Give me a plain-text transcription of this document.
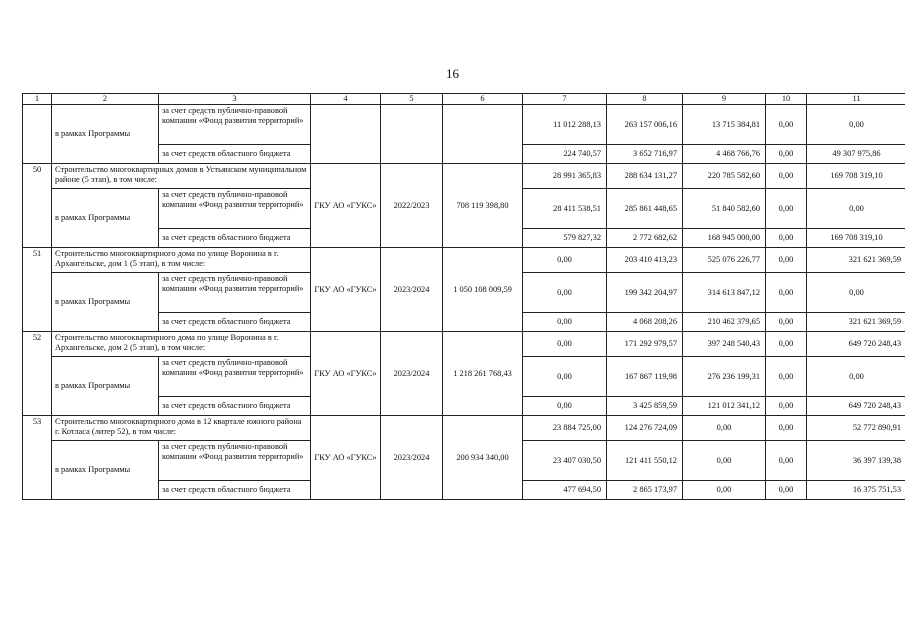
16
1	2	3	4	5	6	7	8	9	10	11
	в рамках Программы	за счет средств публично-правовой компании «Фонд развития территорий»				11 012 288,13	263 157 006,16	13 715 384,81	0,00	0,00
		за счет средств областного бюджета				224 740,57	3 652 716,97	4 468 766,76	0,00	49 307 975,86
50	Строительство многоквартирных домов в Устьянском муниципальном районе (5 этап), в том числе:		ГКУ АО «ГУКС»	2022/2023	708 119 398,80	28 991 365,83	288 634 131,27	220 785 582,60	0,00	169 708 319,10
	в рамках Программы	за счет средств публично-правовой компании «Фонд развития территорий»				28 411 538,51	285 861 448,65	51 840 582,60	0,00	0,00
		за счет средств областного бюджета				579 827,32	2 772 682,62	168 945 000,00	0,00	169 708 319,10
51	Строительство многоквартирного дома по улице Воронина в г. Архангельске, дом 1 (5 этап), в том числе:		ГКУ АО «ГУКС»	2023/2024	1 050 108 009,59	0,00	203 410 413,23	525 076 226,77	0,00	321 621 369,59
	в рамках Программы	за счет средств публично-правовой компании «Фонд развития территорий»				0,00	199 342 204,97	314 613 847,12	0,00	0,00
		за счет средств областного бюджета				0,00	4 068 208,26	210 462 379,65	0,00	321 621 369,59
52	Строительство многоквартирного дома по улице Воронина в г. Архангельске, дом 2 (5 этап), в том числе:		ГКУ АО «ГУКС»	2023/2024	1 218 261 768,43	0,00	171 292 979,57	397 248 540,43	0,00	649 720 248,43
	в рамках Программы	за счет средств публично-правовой компании «Фонд развития территорий»				0,00	167 867 119,98	276 236 199,31	0,00	0,00
		за счет средств областного бюджета				0,00	3 425 859,59	121 012 341,12	0,00	649 720 248,43
53	Строительство многоквартирного дома в 12 квартале южного района г. Котласа (литер 52), в том числе:		ГКУ АО «ГУКС»	2023/2024	200 934 340,00	23 884 725,00	124 276 724,09	0,00	0,00	52 772 890,91
	в рамках Программы	за счет средств публично-правовой компании «Фонд развития территорий»				23 407 030,50	121 411 550,12	0,00	0,00	36 397 139,38
		за счет средств областного бюджета				477 694,50	2 865 173,97	0,00	0,00	16 375 751,53
